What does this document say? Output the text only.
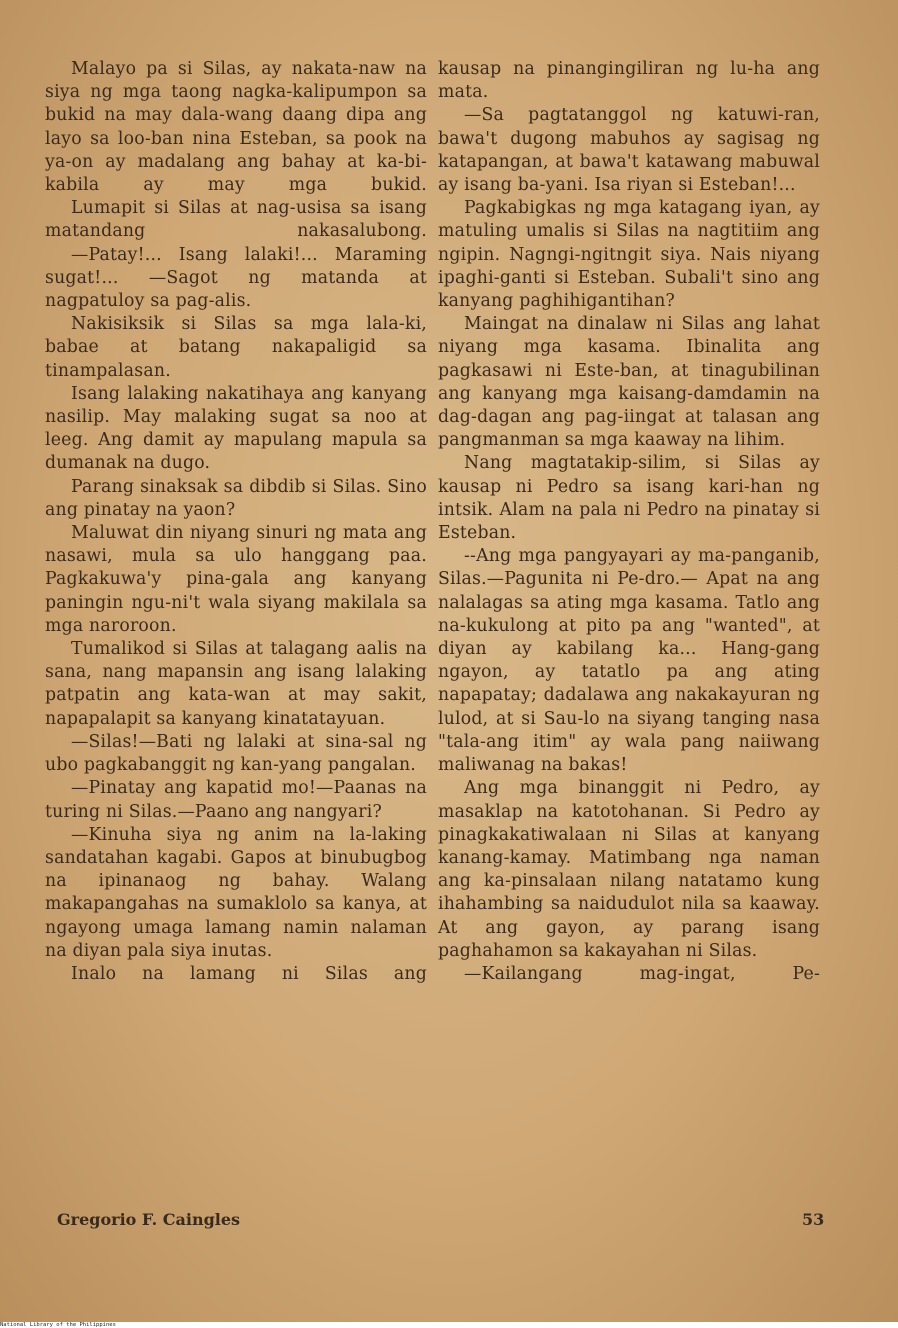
Malayo pa si Silas, ay nakata-naw na siya ng mga taong nagka-kalipumpon sa bukid na may dala-wang daang dipa ang layo sa loo-ban nina Esteban, sa pook na ya-on ay madalang ang bahay at ka-bi-kabila ay may mga bukid.

Lumapit si Silas at nag-usisa sa isang matandang nakasalubong.

—Patay!... Isang lalaki!... Maraming sugat!... —Sagot ng matanda at nagpatuloy sa pag-alis.

Nakisiksik si Silas sa mga lala-ki, babae at batang nakapaligid sa tinampalasan.

Isang lalaking nakatihaya ang kanyang nasilip. May malaking sugat sa noo at leeg. Ang damit ay mapulang mapula sa dumanak na dugo.

Parang sinaksak sa dibdib si Silas. Sino ang pinatay na yaon?

Maluwat din niyang sinuri ng mata ang nasawi, mula sa ulo hanggang paa. Pagkakuwa'y pina-gala ang kanyang paningin ngu-ni't wala siyang makilala sa mga naroroon.

Tumalikod si Silas at talagang aalis na sana, nang mapansin ang isang lalaking patpatin ang kata-wan at may sakit, napapalapit sa kanyang kinatatayuan.

—Silas!—Bati ng lalaki at sina-sal ng ubo pagkabanggit ng kan-yang pangalan.

—Pinatay ang kapatid mo!—Paanas na turing ni Silas.—Paano ang nangyari?

—Kinuha siya ng anim na la-laking sandatahan kagabi. Gapos at binubugbog na ipinanaog ng bahay. Walang makapangahas na sumaklolo sa kanya, at ngayong umaga lamang namin nalaman na diyan pala siya inutas.

Inalo na lamang ni Silas ang

kausap na pinangingiliran ng lu-ha ang mata.

—Sa pagtatanggol ng katuwi-ran, bawa't dugong mabuhos ay sagisag ng katapangan, at bawa't katawang mabuwal ay isang ba-yani. Isa riyan si Esteban!...

Pagkabigkas ng mga katagang iyan, ay matuling umalis si Silas na nagtitiim ang ngipin. Nagngi-ngitngit siya. Nais niyang ipaghi-ganti si Esteban. Subali't sino ang kanyang paghihigantihan?

Maingat na dinalaw ni Silas ang lahat niyang mga kasama. Ibinalita ang pagkasawi ni Este-ban, at tinagubilinan ang kanyang mga kaisang-damdamin na dag-dagan ang pag-iingat at talasan ang pangmanman sa mga kaaway na lihim.

Nang magtatakip-silim, si Silas ay kausap ni Pedro sa isang kari-han ng intsik. Alam na pala ni Pedro na pinatay si Esteban.

--Ang mga pangyayari ay ma-panganib, Silas.—Pagunita ni Pe-dro.— Apat na ang nalalagas sa ating mga kasama. Tatlo ang na-kukulong at pito pa ang "wanted", at diyan ay kabilang ka... Hang-gang ngayon, ay tatatlo pa ang ating napapatay; dadalawa ang nakakayuran ng lulod, at si Sau-lo na siyang tanging nasa "tala-ang itim" ay wala pang naiiwang maliwanag na bakas!

Ang mga binanggit ni Pedro, ay masaklap na katotohanan. Si Pedro ay pinagkakatiwalaan ni Silas at kanyang kanang-kamay. Matimbang nga naman ang ka-pinsalaan nilang natatamo kung ihahambing sa naidudulot nila sa kaaway. At ang gayon, ay parang isang paghahamon sa kakayahan ni Silas.

—Kailangang mag-ingat, Pe-

Gregorio F. Caingles	53
National Library of the Philippines
